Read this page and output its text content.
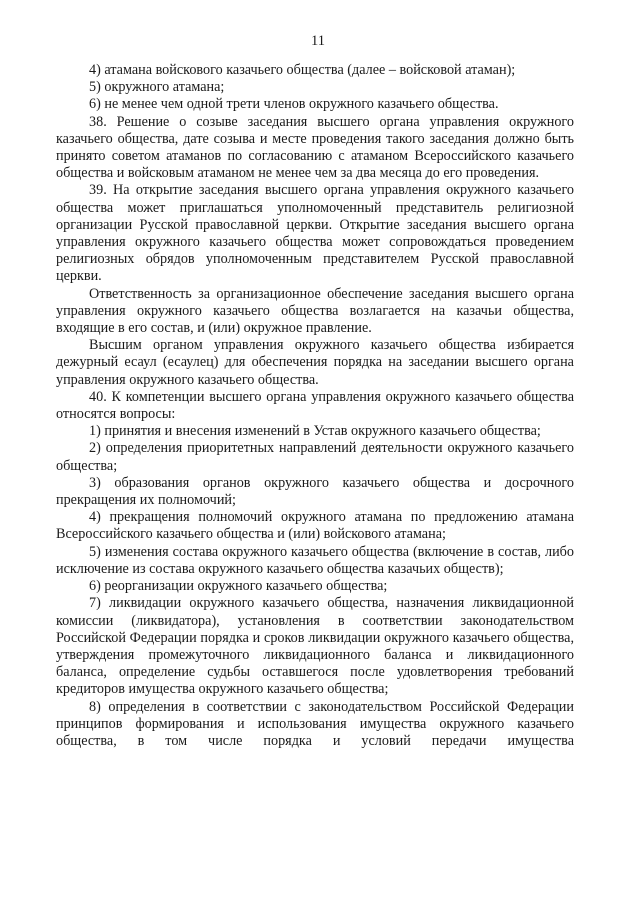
11

4) атамана войскового казачьего общества (далее – войсковой атаман);

5) окружного атамана;

6) не менее чем одной трети членов окружного казачьего общества.

38. Решение о созыве заседания высшего органа управления окружного казачьего общества, дате созыва и месте проведения такого заседания должно быть принято советом атаманов по согласованию с атаманом Всероссийского казачьего общества и войсковым атаманом не менее чем за два месяца до его проведения.

39. На открытие заседания высшего органа управления окружного казачьего общества может приглашаться уполномоченный представитель религиозной организации Русской православной церкви. Открытие заседания высшего органа управления окружного казачьего общества может сопровождаться проведением религиозных обрядов уполномоченным представителем Русской православной церкви.

Ответственность за организационное обеспечение заседания высшего органа управления окружного казачьего общества возлагается на казачьи общества, входящие в его состав, и (или) окружное правление.

Высшим органом управления окружного казачьего общества избирается дежурный есаул (есаулец) для обеспечения порядка на заседании высшего органа управления окружного казачьего общества.

40. К компетенции высшего органа управления окружного казачьего общества относятся вопросы:

1) принятия и внесения изменений в Устав окружного казачьего общества;

2) определения приоритетных направлений деятельности окружного казачьего общества;

3) образования органов окружного казачьего общества и досрочного прекращения их полномочий;

4) прекращения полномочий окружного атамана по предложению атамана Всероссийского казачьего общества и (или) войскового атамана;

5) изменения состава окружного казачьего общества (включение в состав, либо исключение из состава окружного казачьего общества казачьих обществ);

6) реорганизации окружного казачьего общества;

7) ликвидации окружного казачьего общества, назначения ликвидационной комиссии (ликвидатора), установления в соответствии законодательством Российской Федерации порядка и сроков ликвидации окружного казачьего общества, утверждения промежуточного ликвидационного баланса и ликвидационного баланса, определение судьбы оставшегося после удовлетворения требований кредиторов имущества окружного казачьего общества;

8) определения в соответствии с законодательством Российской Федерации принципов формирования и использования имущества окружного казачьего общества, в том числе порядка и условий передачи имущества
